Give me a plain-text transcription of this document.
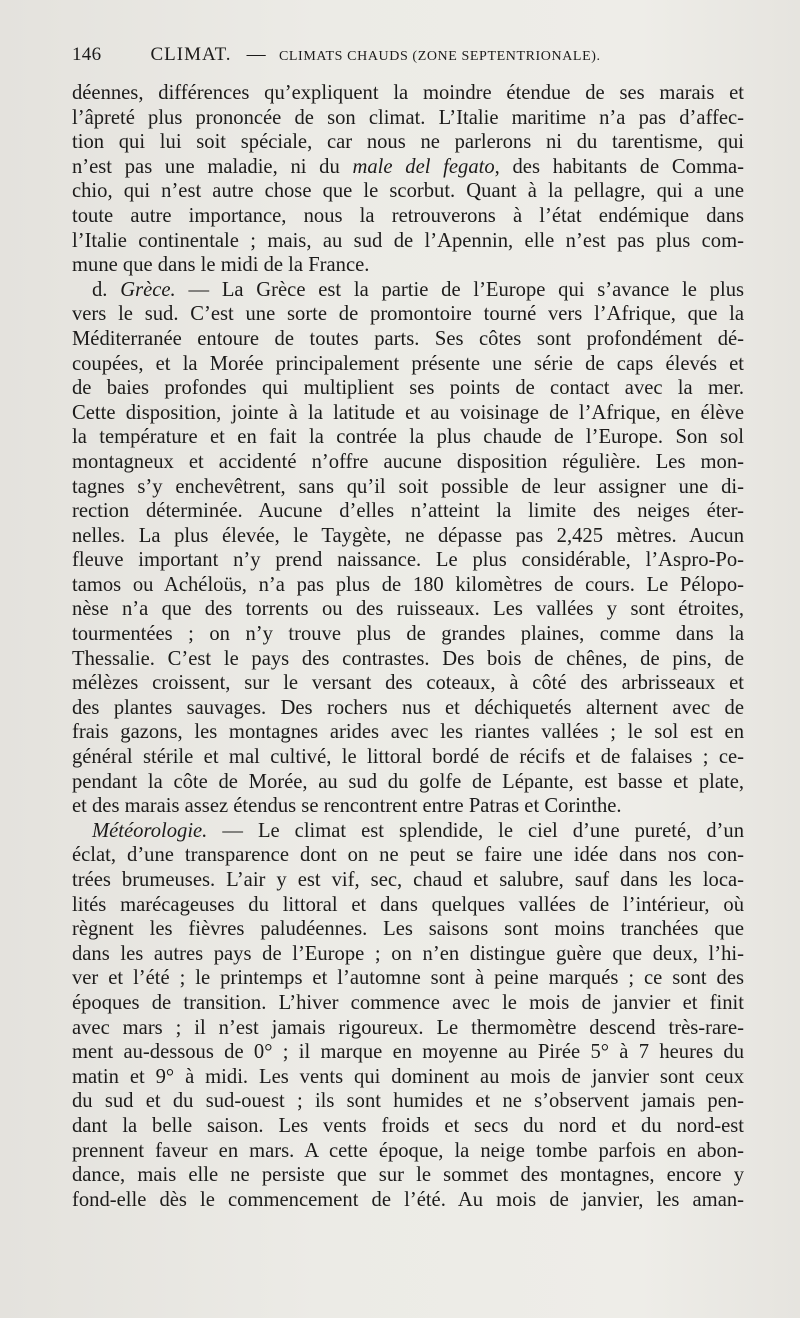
146	CLIMAT. — CLIMATS CHAUDS (ZONE SEPTENTRIONALE).
déennes, différences qu’expliquent la moindre étendue de ses marais et
l’âpreté plus prononcée de son climat. L’Italie maritime n’a pas d’affec-
tion qui lui soit spéciale, car nous ne parlerons ni du tarentisme, qui
n’est pas une maladie, ni du male del fegato, des habitants de Comma-
chio, qui n’est autre chose que le scorbut. Quant à la pellagre, qui a une
toute autre importance, nous la retrouverons à l’état endémique dans
l’Italie continentale ; mais, au sud de l’Apennin, elle n’est pas plus com-
mune que dans le midi de la France.
d. Grèce. — La Grèce est la partie de l’Europe qui s’avance le plus
vers le sud. C’est une sorte de promontoire tourné vers l’Afrique, que la
Méditerranée entoure de toutes parts. Ses côtes sont profondément dé-
coupées, et la Morée principalement présente une série de caps élevés et
de baies profondes qui multiplient ses points de contact avec la mer.
Cette disposition, jointe à la latitude et au voisinage de l’Afrique, en élève
la température et en fait la contrée la plus chaude de l’Europe. Son sol
montagneux et accidenté n’offre aucune disposition régulière. Les mon-
tagnes s’y enchevêtrent, sans qu’il soit possible de leur assigner une di-
rection déterminée. Aucune d’elles n’atteint la limite des neiges éter-
nelles. La plus élevée, le Taygète, ne dépasse pas 2,425 mètres. Aucun
fleuve important n’y prend naissance. Le plus considérable, l’Aspro-Po-
tamos ou Achéloüs, n’a pas plus de 180 kilomètres de cours. Le Pélopo-
nèse n’a que des torrents ou des ruisseaux. Les vallées y sont étroites,
tourmentées ; on n’y trouve plus de grandes plaines, comme dans la
Thessalie. C’est le pays des contrastes. Des bois de chênes, de pins, de
mélèzes croissent, sur le versant des coteaux, à côté des arbrisseaux et
des plantes sauvages. Des rochers nus et déchiquetés alternent avec de
frais gazons, les montagnes arides avec les riantes vallées ; le sol est en
général stérile et mal cultivé, le littoral bordé de récifs et de falaises ; ce-
pendant la côte de Morée, au sud du golfe de Lépante, est basse et plate,
et des marais assez étendus se rencontrent entre Patras et Corinthe.
Météorologie. — Le climat est splendide, le ciel d’une pureté, d’un
éclat, d’une transparence dont on ne peut se faire une idée dans nos con-
trées brumeuses. L’air y est vif, sec, chaud et salubre, sauf dans les loca-
lités marécageuses du littoral et dans quelques vallées de l’intérieur, où
règnent les fièvres paludéennes. Les saisons sont moins tranchées que
dans les autres pays de l’Europe ; on n’en distingue guère que deux, l’hi-
ver et l’été ; le printemps et l’automne sont à peine marqués ; ce sont des
époques de transition. L’hiver commence avec le mois de janvier et finit
avec mars ; il n’est jamais rigoureux. Le thermomètre descend très-rare-
ment au-dessous de 0° ; il marque en moyenne au Pirée 5° à 7 heures du
matin et 9° à midi. Les vents qui dominent au mois de janvier sont ceux
du sud et du sud-ouest ; ils sont humides et ne s’observent jamais pen-
dant la belle saison. Les vents froids et secs du nord et du nord-est
prennent faveur en mars. A cette époque, la neige tombe parfois en abon-
dance, mais elle ne persiste que sur le sommet des montagnes, encore y
fond-elle dès le commencement de l’été. Au mois de janvier, les aman-
